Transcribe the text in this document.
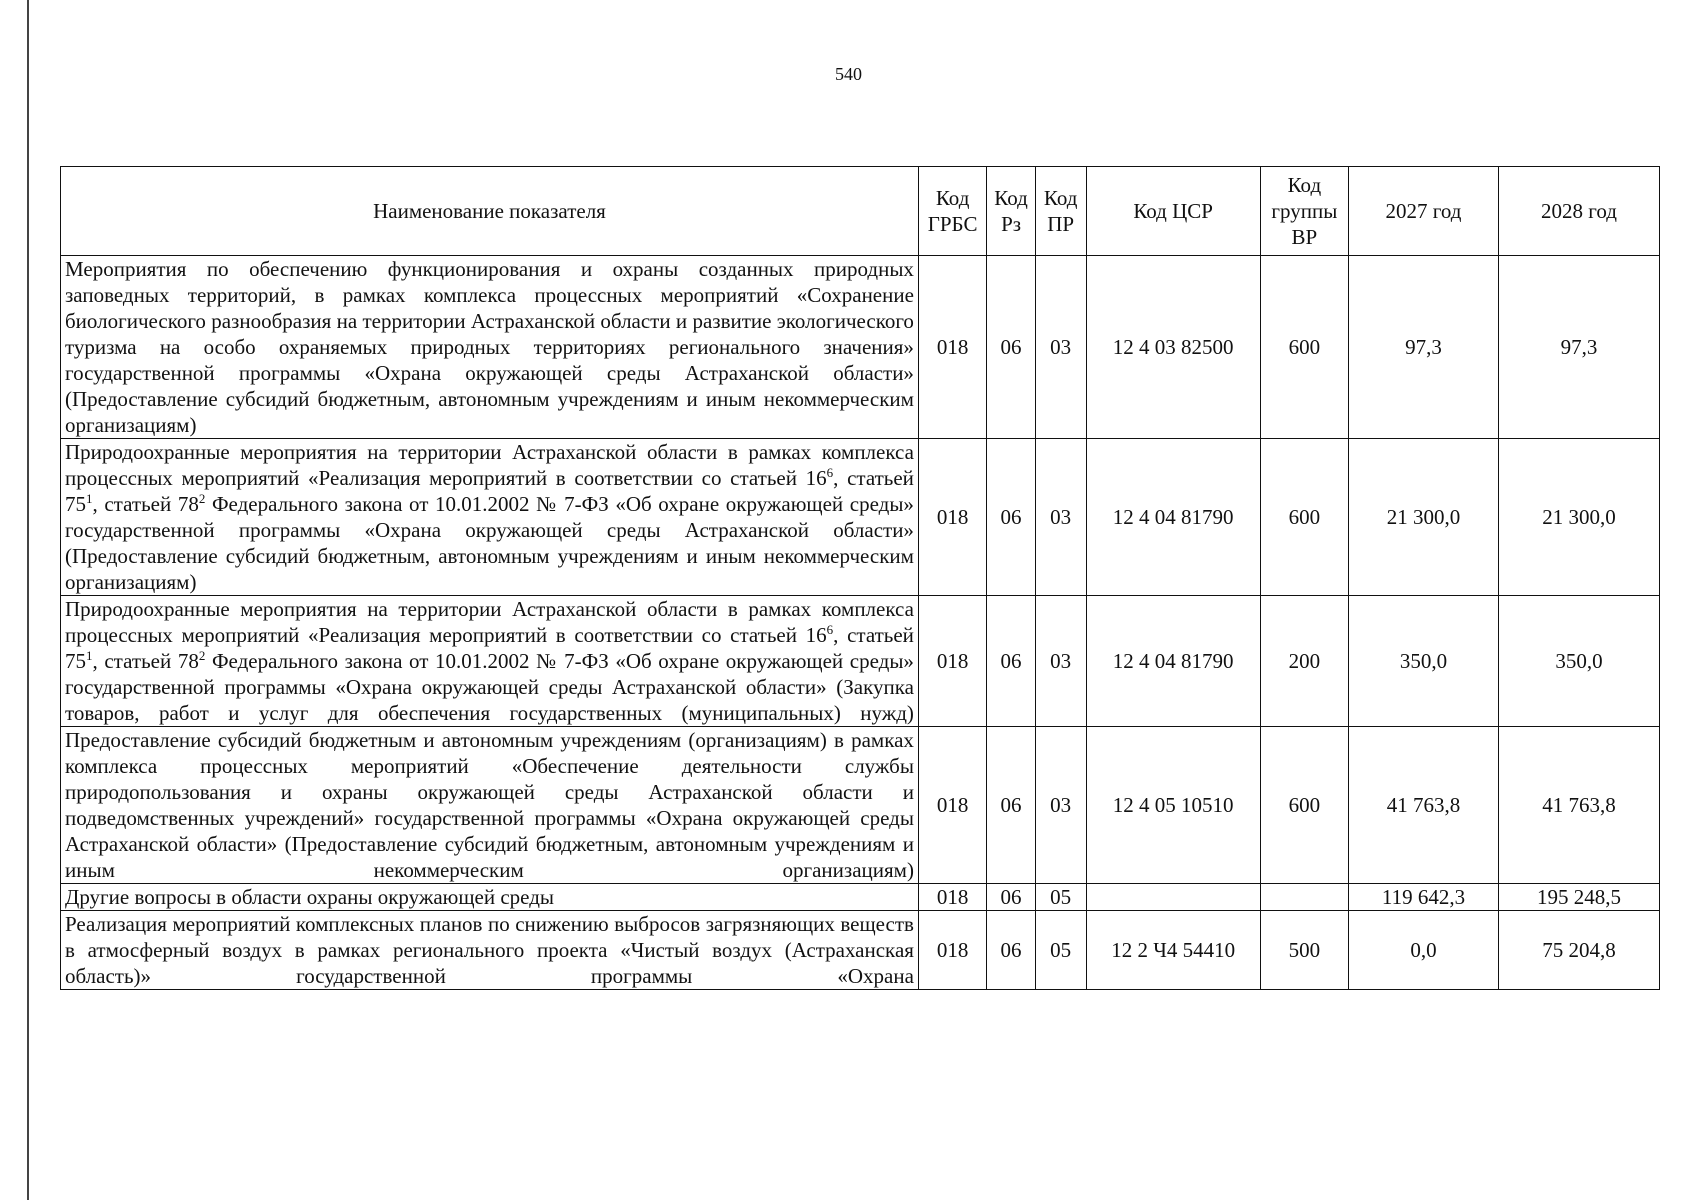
540
Наименование показателя	Код ГРБС	Код Рз	Код ПР	Код ЦСР	Код группы ВР	2027 год	2028 год
Мероприятия по обеспечению функционирования и охраны созданных природных заповедных территорий, в рамках комплекса процессных мероприятий «Сохранение биологического разнообразия на территории Астраханской области и развитие экологического туризма на особо охраняемых природных территориях регионального значения» государственной программы «Охрана окружающей среды Астраханской области» (Предоставление субсидий бюджетным, автономным учреждениям и иным некоммерческим организациям)	018	06	03	12 4 03 82500	600	97,3	97,3
Природоохранные мероприятия на территории Астраханской области в рамках комплекса процессных мероприятий «Реализация мероприятий в соответствии со статьей $16^6$, статьей $75^1$, статьей $78^2$ Федерального закона от 10.01.2002 № 7-ФЗ «Об охране окружающей среды» государственной программы «Охрана окружающей среды Астраханской области» (Предоставление субсидий бюджетным, автономным учреждениям и иным некоммерческим организациям)	018	06	03	12 4 04 81790	600	21 300,0	21 300,0
Природоохранные мероприятия на территории Астраханской области в рамках комплекса процессных мероприятий «Реализация мероприятий в соответствии со статьей $16^6$, статьей $75^1$, статьей $78^2$ Федерального закона от 10.01.2002 № 7-ФЗ «Об охране окружающей среды» государственной программы «Охрана окружающей среды Астраханской области» (Закупка товаров, работ и услуг для обеспечения государственных (муниципальных) нужд)	018	06	03	12 4 04 81790	200	350,0	350,0
Предоставление субсидий бюджетным и автономным учреждениям (организациям) в рамках комплекса процессных мероприятий «Обеспечение деятельности службы природопользования и охраны окружающей среды Астраханской области и подведомственных учреждений» государственной программы «Охрана окружающей среды Астраханской области» (Предоставление субсидий бюджетным, автономным учреждениям и иным некоммерческим организациям)	018	06	03	12 4 05 10510	600	41 763,8	41 763,8
Другие вопросы в области охраны окружающей среды	018	06	05			119 642,3	195 248,5
Реализация мероприятий комплексных планов по снижению выбросов загрязняющих веществ в атмосферный воздух в рамках регионального проекта «Чистый воздух (Астраханская область)» государственной программы «Охрана	018	06	05	12 2 Ч4 54410	500	0,0	75 204,8
